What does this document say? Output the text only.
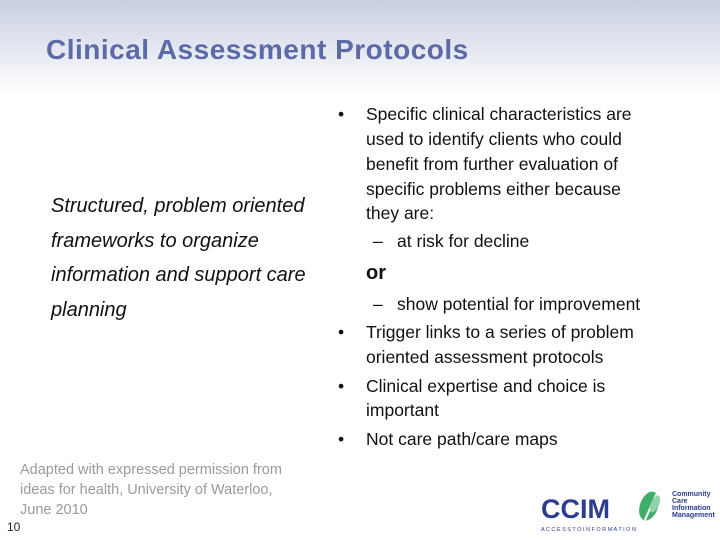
Clinical Assessment Protocols
Structured, problem oriented frameworks to organize information and support care planning
• Specific clinical characteristics are
used to identify clients who could
benefit from further evaluation of
specific problems either because
they are:
– at risk for decline
or
– show potential for improvement
• Trigger links to a series of problem
oriented assessment protocols
• Clinical expertise and choice is
important
• Not care path/care maps
Adapted with expressed permission from ideas for health, University of Waterloo, June 2010
10
CCIM	Community
Care
Information
Management
A C C E S S T O I N F O R M A T I O N
